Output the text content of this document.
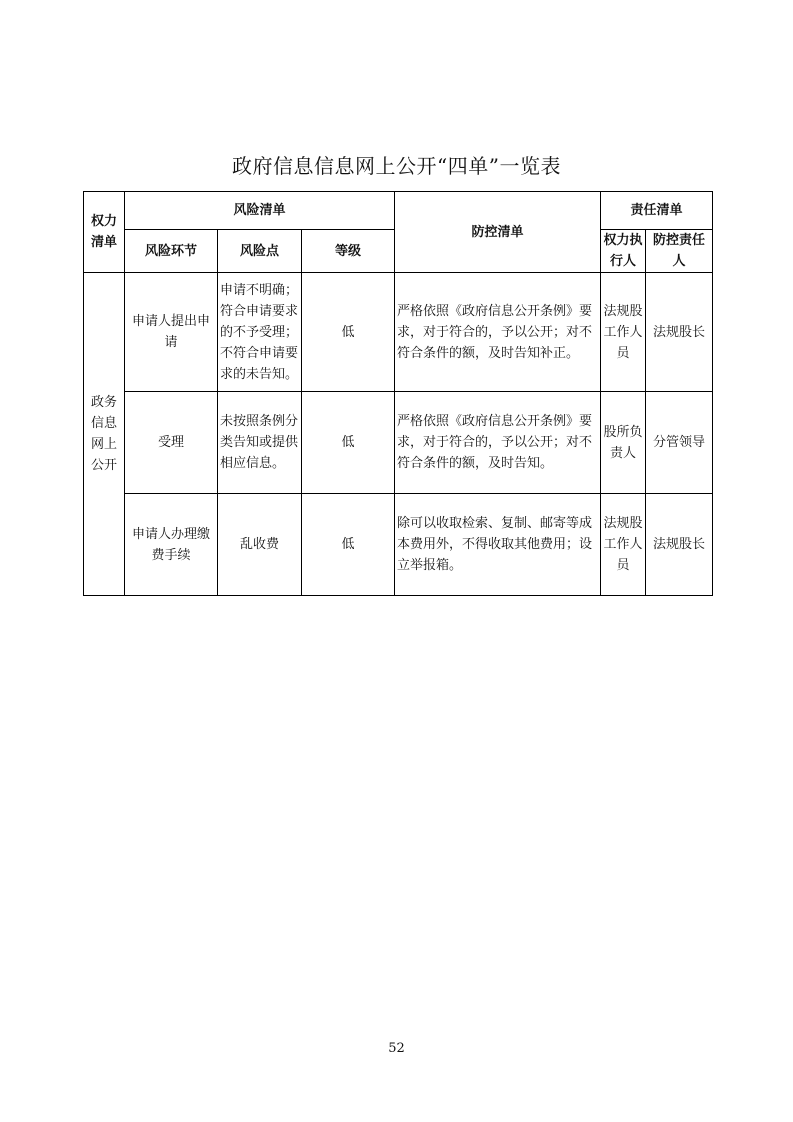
政府信息信息网上公开“四单”一览表
权力清单	风险清单			防控清单	责任清单	
	风险环节	风险点	等级		权力执行人	防控责任人
政务信息网上公开	申请人提出申请	申请不明确；符合申请要求的不予受理；不符合申请要求的未告知。	低	严格依照《政府信息公开条例》要求，对于符合的，予以公开；对不符合条件的额，及时告知补正。	法规股工作人员	法规股长
	受理	未按照条例分类告知或提供相应信息。	低	严格依照《政府信息公开条例》要求，对于符合的，予以公开；对不符合条件的额，及时告知。	股所负责人	分管领导
	申请人办理缴费手续	乱收费	低	除可以收取检索、复制、邮寄等成本费用外，不得收取其他费用；设立举报箱。	法规股工作人员	法规股长
52
